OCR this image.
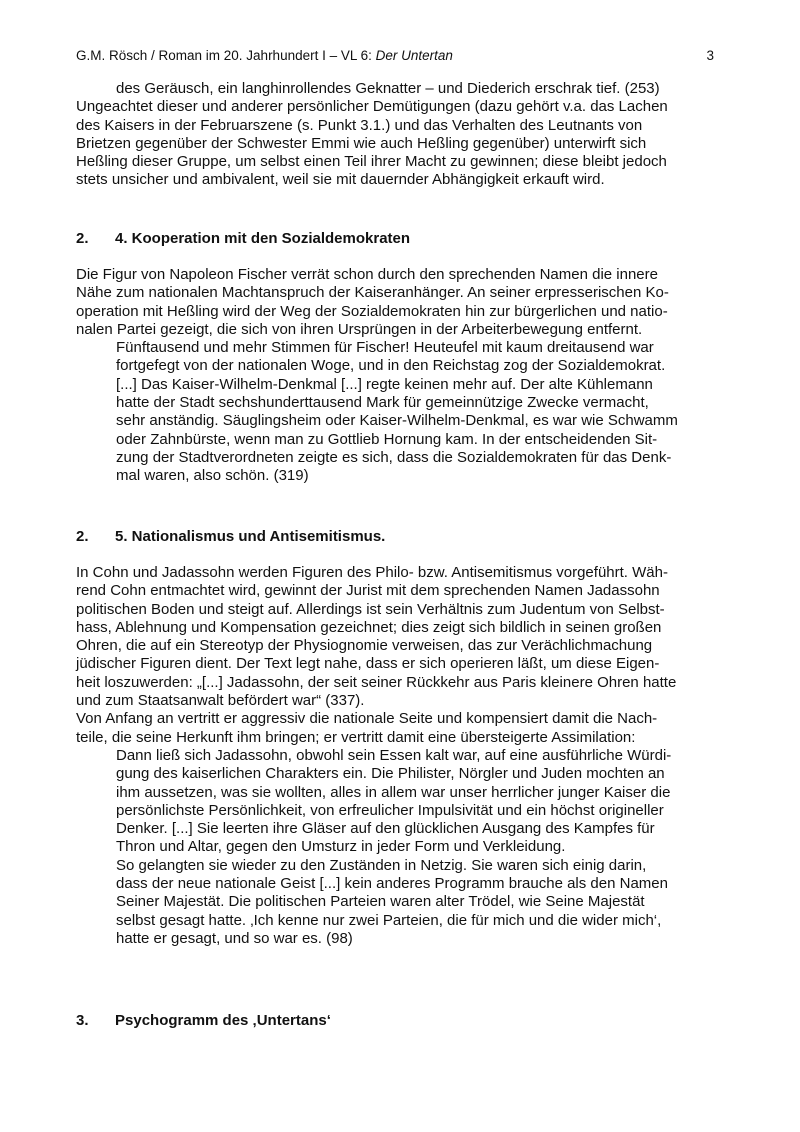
G.M. Rösch / Roman im 20. Jahrhundert I – VL 6: Der Untertan	3
des Geräusch, ein langhinrollendes Geknatter – und Diederich erschrak tief. (253)
Ungeachtet dieser und anderer persönlicher Demütigungen (dazu gehört v.a. das Lachen
des Kaisers in der Februarszene (s. Punkt 3.1.) und das Verhalten des Leutnants von
Brietzen gegenüber der Schwester Emmi wie auch Heßling gegenüber) unterwirft sich
Heßling dieser Gruppe, um selbst einen Teil ihrer Macht zu gewinnen; diese bleibt jedoch
stets unsicher und ambivalent, weil sie mit dauernder Abhängigkeit erkauft wird.
2. 4. Kooperation mit den Sozialdemokraten
Die Figur von Napoleon Fischer verrät schon durch den sprechenden Namen die innere
Nähe zum nationalen Machtanspruch der Kaiseranhänger. An seiner erpresserischen Ko-
operation mit Heßling wird der Weg der Sozialdemokraten hin zur bürgerlichen und natio-
nalen Partei gezeigt, die sich von ihren Ursprüngen in der Arbeiterbewegung entfernt.
Fünftausend und mehr Stimmen für Fischer! Heuteufel mit kaum dreitausend war
fortgefegt von der nationalen Woge, und in den Reichstag zog der Sozialdemokrat.
[...] Das Kaiser-Wilhelm-Denkmal [...] regte keinen mehr auf. Der alte Kühlemann
hatte der Stadt sechshunderttausend Mark für gemeinnützige Zwecke vermacht,
sehr anständig. Säuglingsheim oder Kaiser-Wilhelm-Denkmal, es war wie Schwamm
oder Zahnbürste, wenn man zu Gottlieb Hornung kam. In der entscheidenden Sit-
zung der Stadtverordneten zeigte es sich, dass die Sozialdemokraten für das Denk-
mal waren, also schön. (319)
2. 5. Nationalismus und Antisemitismus.
In Cohn und Jadassohn werden Figuren des Philo- bzw. Antisemitismus vorgeführt. Wäh-
rend Cohn entmachtet wird, gewinnt der Jurist mit dem sprechenden Namen Jadassohn
politischen Boden und steigt auf. Allerdings ist sein Verhältnis zum Judentum von Selbst-
hass, Ablehnung und Kompensation gezeichnet; dies zeigt sich bildlich in seinen großen
Ohren, die auf ein Stereotyp der Physiognomie verweisen, das zur Verächlichmachung
jüdischer Figuren dient. Der Text legt nahe, dass er sich operieren läßt, um diese Eigen-
heit loszuwerden: „[...] Jadassohn, der seit seiner Rückkehr aus Paris kleinere Ohren hatte
und zum Staatsanwalt befördert war“ (337).
Von Anfang an vertritt er aggressiv die nationale Seite und kompensiert damit die Nach-
teile, die seine Herkunft ihm bringen; er vertritt damit eine übersteigerte Assimilation:
Dann ließ sich Jadassohn, obwohl sein Essen kalt war, auf eine ausführliche Würdi-
gung des kaiserlichen Charakters ein. Die Philister, Nörgler und Juden mochten an
ihm aussetzen, was sie wollten, alles in allem war unser herrlicher junger Kaiser die
persönlichste Persönlichkeit, von erfreulicher Impulsivität und ein höchst origineller
Denker. [...] Sie leerten ihre Gläser auf den glücklichen Ausgang des Kampfes für
Thron und Altar, gegen den Umsturz in jeder Form und Verkleidung.
So gelangten sie wieder zu den Zuständen in Netzig. Sie waren sich einig darin,
dass der neue nationale Geist [...] kein anderes Programm brauche als den Namen
Seiner Majestät. Die politischen Parteien waren alter Trödel, wie Seine Majestät
selbst gesagt hatte. ‚Ich kenne nur zwei Parteien, die für mich und die wider mich‘,
hatte er gesagt, und so war es. (98)
3. Psychogramm des ‚Untertans‘
